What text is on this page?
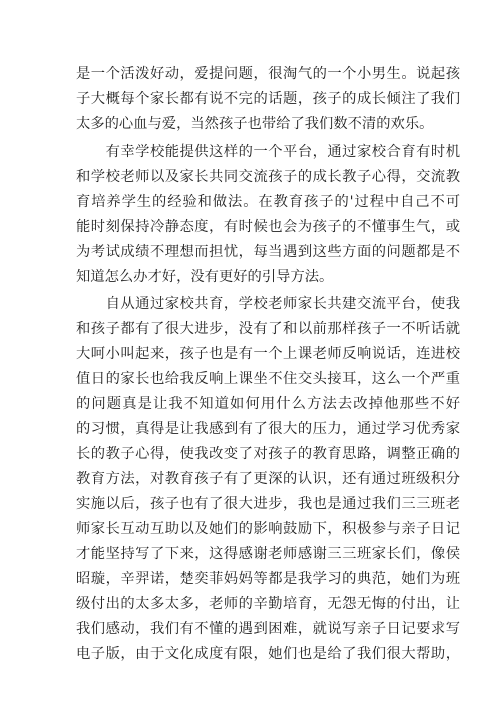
是一个活泼好动，爱提问题，很淘气的一个小男生。说起孩
子大概每个家长都有说不完的话题，孩子的成长倾注了我们
太多的心血与爱，当然孩子也带给了我们数不清的欢乐。
　　有幸学校能提供这样的一个平台，通过家校合育有时机
和学校老师以及家长共同交流孩子的成长教子心得，交流教
育培养学生的经验和做法。在教育孩子的'过程中自己不可
能时刻保持冷静态度，有时候也会为孩子的不懂事生气，或
为考试成绩不理想而担忧，每当遇到这些方面的问题都是不
知道怎么办才好，没有更好的引导方法。
　　自从通过家校共育，学校老师家长共建交流平台，使我
和孩子都有了很大进步，没有了和以前那样孩子一不听话就
大呵小叫起来，孩子也是有一个上课老师反响说话，连进校
值日的家长也给我反响上课坐不住交头接耳，这么一个严重
的问题真是让我不知道如何用什么方法去改掉他那些不好
的习惯，真得是让我感到有了很大的压力，通过学习优秀家
长的教子心得，使我改变了对孩子的教育思路，调整正确的
教育方法，对教育孩子有了更深的认识，还有通过班级积分
实施以后，孩子也有了很大进步，我也是通过我们三三班老
师家长互动互助以及她们的影响鼓励下，积极参与亲子日记
才能坚持写了下来，这得感谢老师感谢三三班家长们，像侯
昭璇，辛羿诺，楚奕菲妈妈等都是我学习的典范，她们为班
级付出的太多太多，老师的辛勤培育，无怨无悔的付出，让
我们感动，我们有不懂的遇到困难，就说写亲子日记要求写
电子版，由于文化成度有限，她们也是给了我们很大帮助，
